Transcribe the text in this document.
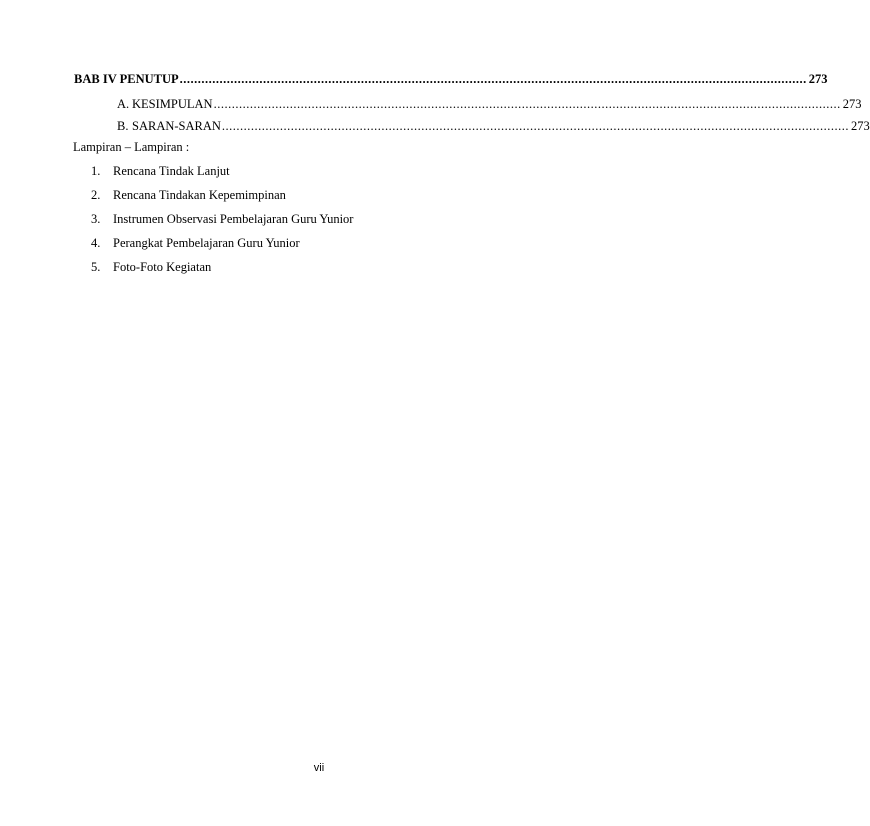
BAB IV PENUTUP ............................................................................................................................................................................. 273
A. KESIMPULAN ............................................................................................................................................................................. 273
B. SARAN-SARAN ............................................................................................................................................................................. 273
Lampiran – Lampiran :
1.	Rencana Tindak Lanjut
2.	Rencana Tindakan Kepemimpinan
3.	Instrumen Observasi Pembelajaran Guru Yunior
4.	Perangkat Pembelajaran Guru Yunior
5.	Foto-Foto Kegiatan
vii
